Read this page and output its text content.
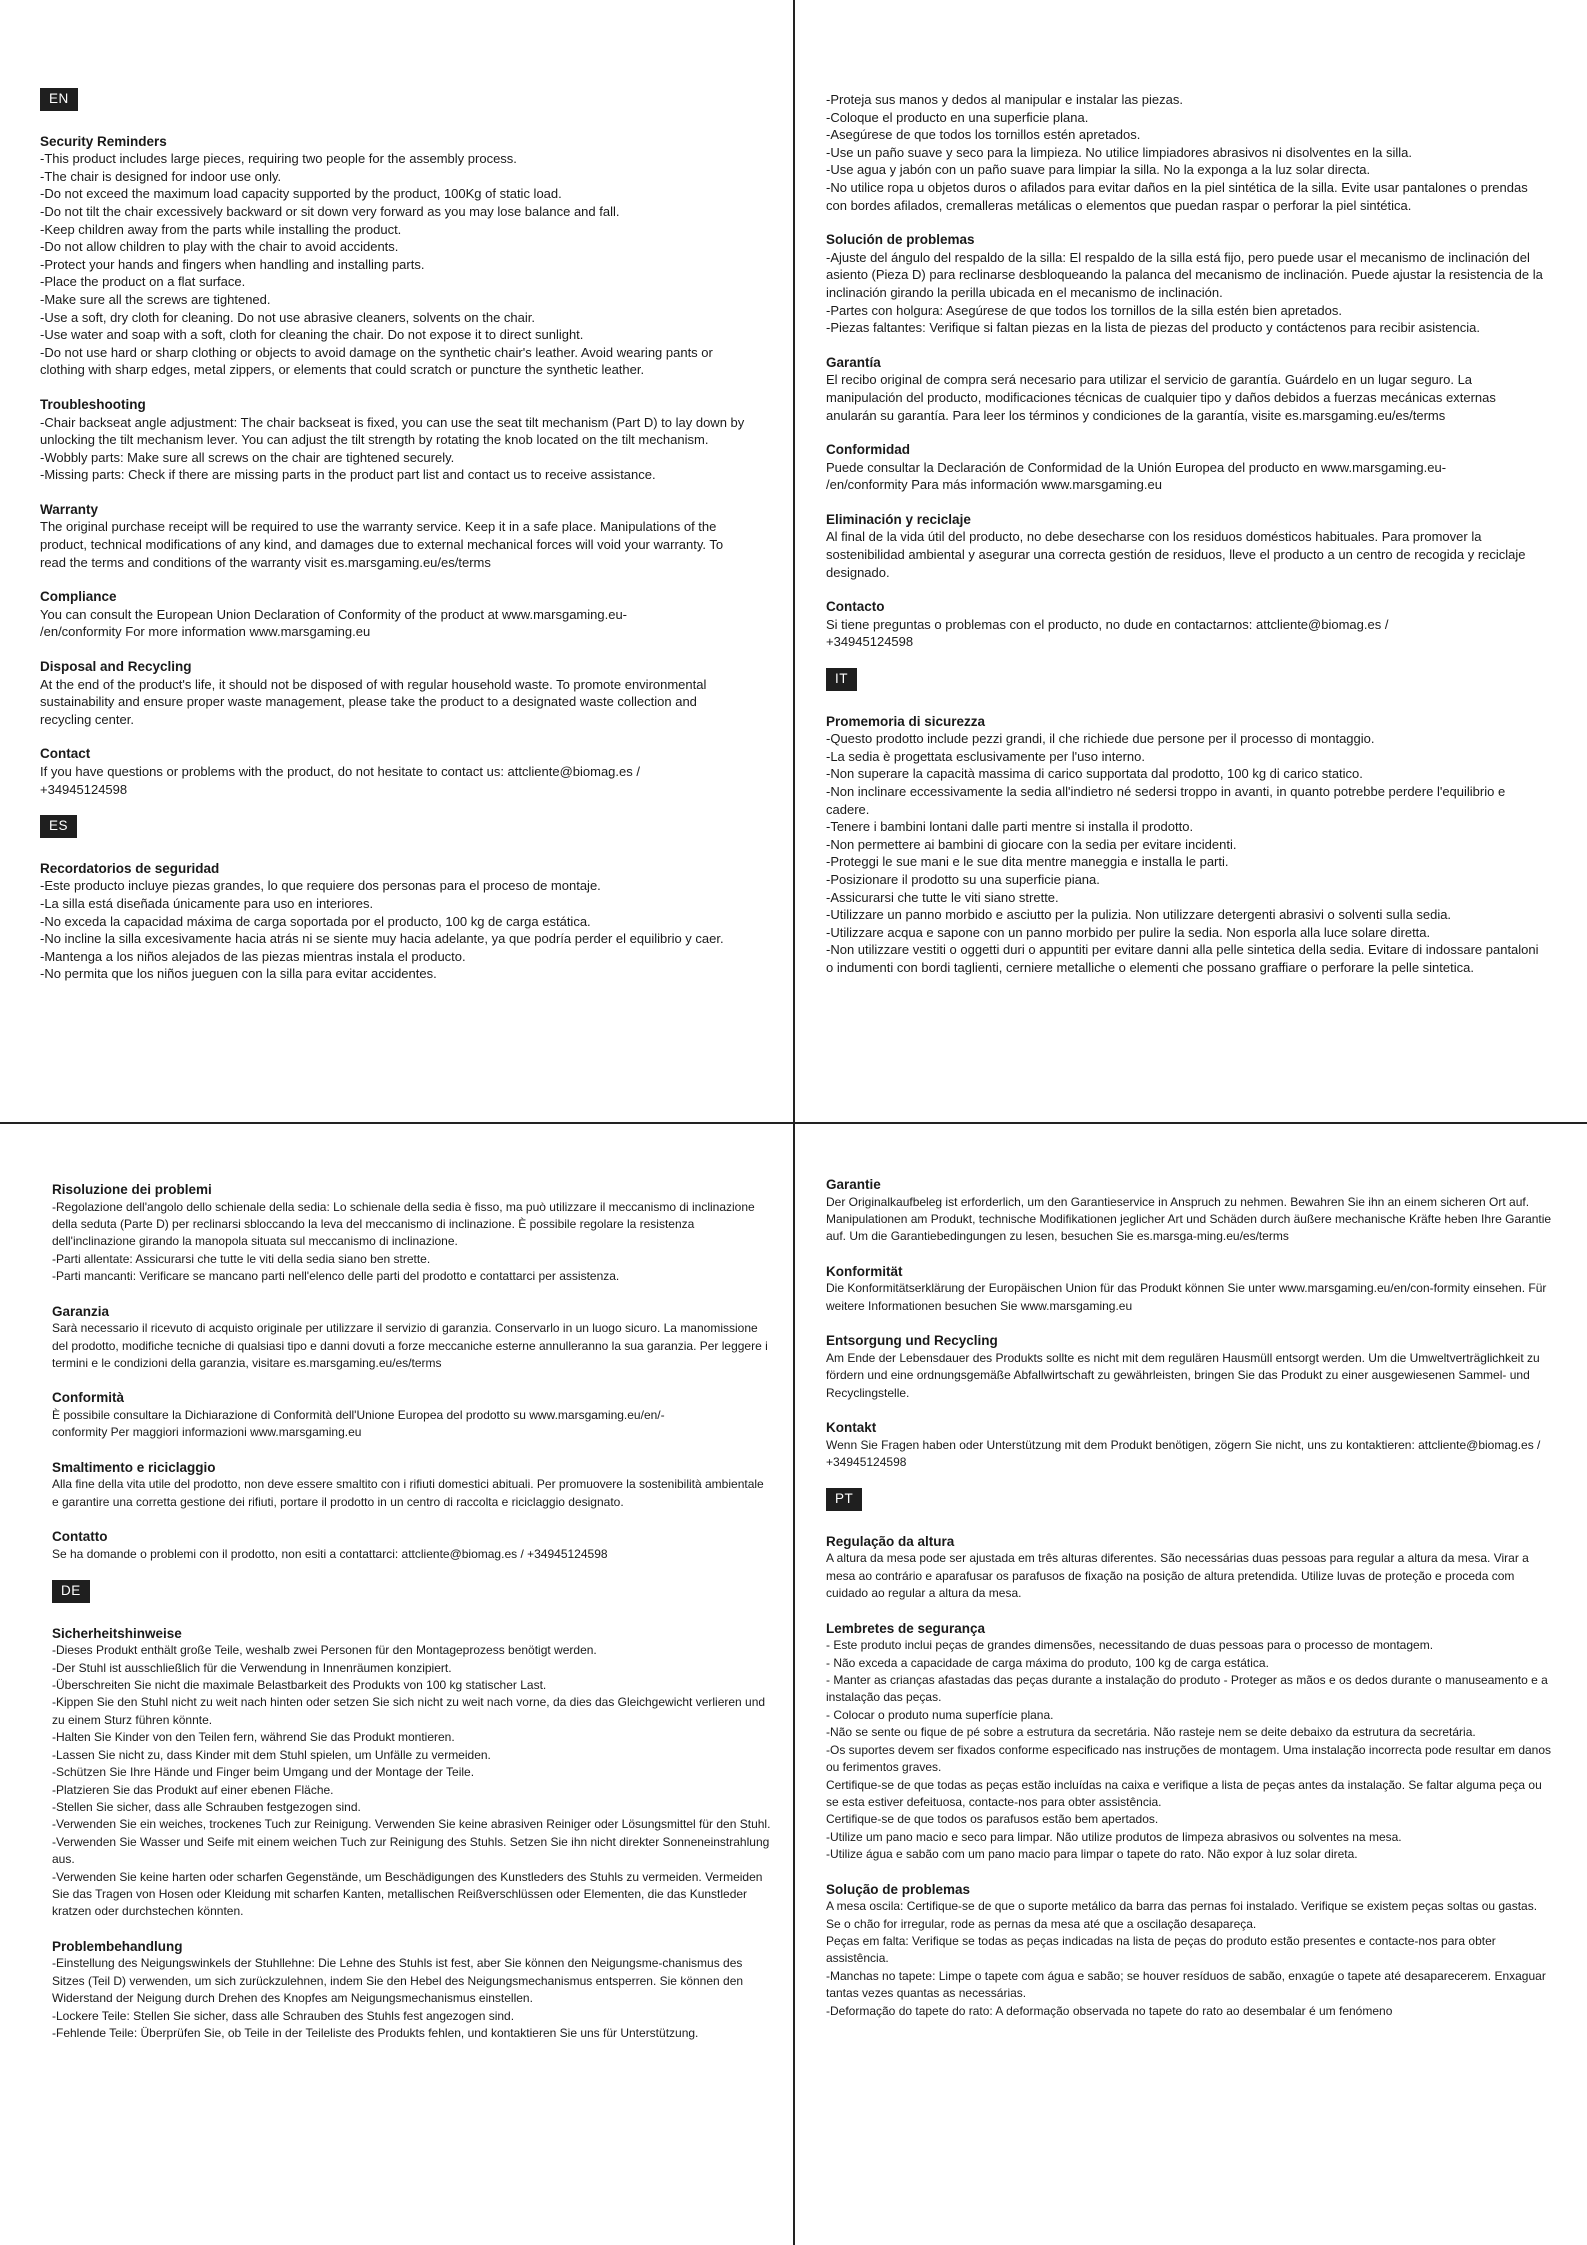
EN
Security Reminders

-This product includes large pieces, requiring two people for the assembly process.
-The chair is designed for indoor use only.
-Do not exceed the maximum load capacity supported by the product, 100Kg of static load.
-Do not tilt the chair excessively backward or sit down very forward as you may lose balance and fall.
-Keep children away from the parts while installing the product.
-Do not allow children to play with the chair to avoid accidents.
-Protect your hands and fingers when handling and installing parts.
-Place the product on a flat surface.
-Make sure all the screws are tightened.
-Use a soft, dry cloth for cleaning. Do not use abrasive cleaners, solvents on the chair.
-Use water and soap with a soft, cloth for cleaning the chair. Do not expose it to direct sunlight.
-Do not use hard or sharp clothing or objects to avoid damage on the synthetic chair's leather. Avoid wearing pants or clothing with sharp edges, metal zippers, or elements that could scratch or puncture the synthetic leather.

Troubleshooting

-Chair backseat angle adjustment: The chair backseat is fixed, you can use the seat tilt mechanism (Part D) to lay down by unlocking the tilt mechanism lever. You can adjust the tilt strength by rotating the knob located on the tilt mechanism.
-Wobbly parts: Make sure all screws on the chair are tightened securely.
-Missing parts: Check if there are missing parts in the product part list and contact us to receive assistance.

Warranty

The original purchase receipt will be required to use the warranty service. Keep it in a safe place. Manipulations of the product, technical modifications of any kind, and damages due to external mechanical forces will void your warranty. To read the terms and conditions of the warranty visit es.marsgaming.eu/es/terms

Compliance

You can consult the European Union Declaration of Conformity of the product at www.marsgaming.eu-
/en/conformity For more information www.marsgaming.eu

Disposal and Recycling

At the end of the product's life, it should not be disposed of with regular household waste. To promote environmental sustainability and ensure proper waste management, please take the product to a designated waste collection and recycling center.

Contact

If you have questions or problems with the product, do not hesitate to contact us: attcliente@biomag.es /
+34945124598

ES
Recordatorios de seguridad

-Este producto incluye piezas grandes, lo que requiere dos personas para el proceso de montaje.
-La silla está diseñada únicamente para uso en interiores.
-No exceda la capacidad máxima de carga soportada por el producto, 100 kg de carga estática.
-No incline la silla excesivamente hacia atrás ni se siente muy hacia adelante, ya que podría perder el equilibrio y caer.
-Mantenga a los niños alejados de las piezas mientras instala el producto.
-No permita que los niños jueguen con la silla para evitar accidentes.

-Proteja sus manos y dedos al manipular e instalar las piezas.
-Coloque el producto en una superficie plana.
-Asegúrese de que todos los tornillos estén apretados.
-Use un paño suave y seco para la limpieza. No utilice limpiadores abrasivos ni disolventes en la silla.
-Use agua y jabón con un paño suave para limpiar la silla. No la exponga a la luz solar directa.
-No utilice ropa u objetos duros o afilados para evitar daños en la piel sintética de la silla. Evite usar pantalones o prendas con bordes afilados, cremalleras metálicas o elementos que puedan raspar o perforar la piel sintética.

Solución de problemas

-Ajuste del ángulo del respaldo de la silla: El respaldo de la silla está fijo, pero puede usar el mecanismo de inclinación del asiento (Pieza D) para reclinarse desbloqueando la palanca del mecanismo de inclinación. Puede ajustar la resistencia de la inclinación girando la perilla ubicada en el mecanismo de inclinación.
-Partes con holgura: Asegúrese de que todos los tornillos de la silla estén bien apretados.
-Piezas faltantes: Verifique si faltan piezas en la lista de piezas del producto y contáctenos para recibir asistencia.

Garantía

El recibo original de compra será necesario para utilizar el servicio de garantía. Guárdelo en un lugar seguro. La manipulación del producto, modificaciones técnicas de cualquier tipo y daños debidos a fuerzas mecánicas externas anularán su garantía. Para leer los términos y condiciones de la garantía, visite es.marsgaming.eu/es/terms

Conformidad

Puede consultar la Declaración de Conformidad de la Unión Europea del producto en www.marsgaming.eu-
/en/conformity Para más información www.marsgaming.eu

Eliminación y reciclaje

Al final de la vida útil del producto, no debe desecharse con los residuos domésticos habituales. Para promover la sostenibilidad ambiental y asegurar una correcta gestión de residuos, lleve el producto a un centro de recogida y reciclaje designado.

Contacto

Si tiene preguntas o problemas con el producto, no dude en contactarnos: attcliente@biomag.es /
+34945124598

IT
Promemoria di sicurezza

-Questo prodotto include pezzi grandi, il che richiede due persone per il processo di montaggio.
-La sedia è progettata esclusivamente per l'uso interno.
-Non superare la capacità massima di carico supportata dal prodotto, 100 kg di carico statico.
-Non inclinare eccessivamente la sedia all'indietro né sedersi troppo in avanti, in quanto potrebbe perdere l'equilibrio e cadere.
-Tenere i bambini lontani dalle parti mentre si installa il prodotto.
-Non permettere ai bambini di giocare con la sedia per evitare incidenti.
-Proteggi le sue mani e le sue dita mentre maneggia e installa le parti.
-Posizionare il prodotto su una superficie piana.
-Assicurarsi che tutte le viti siano strette.
-Utilizzare un panno morbido e asciutto per la pulizia. Non utilizzare detergenti abrasivi o solventi sulla sedia.
-Utilizzare acqua e sapone con un panno morbido per pulire la sedia. Non esporla alla luce solare diretta.
-Non utilizzare vestiti o oggetti duri o appuntiti per evitare danni alla pelle sintetica della sedia. Evitare di indossare pantaloni o indumenti con bordi taglienti, cerniere metalliche o elementi che possano graffiare o perforare la pelle sintetica.

Risoluzione dei problemi

-Regolazione dell'angolo dello schienale della sedia: Lo schienale della sedia è fisso, ma può utilizzare il meccanismo di inclinazione della seduta (Parte D) per reclinarsi sbloccando la leva del meccanismo di inclinazione. È possibile regolare la resistenza dell'inclinazione girando la manopola situata sul meccanismo di inclinazione.
-Parti allentate: Assicurarsi che tutte le viti della sedia siano ben strette.
-Parti mancanti: Verificare se mancano parti nell'elenco delle parti del prodotto e contattarci per assistenza.

Garanzia

Sarà necessario il ricevuto di acquisto originale per utilizzare il servizio di garanzia. Conservarlo in un luogo sicuro. La manomissione del prodotto, modifiche tecniche di qualsiasi tipo e danni dovuti a forze meccaniche esterne annulleranno la sua garanzia. Per leggere i termini e le condizioni della garanzia, visitare es.marsgaming.eu/es/terms

Conformità

È possibile consultare la Dichiarazione di Conformità dell'Unione Europea del prodotto su www.marsgaming.eu/en/-
conformity Per maggiori informazioni www.marsgaming.eu

Smaltimento e riciclaggio

Alla fine della vita utile del prodotto, non deve essere smaltito con i rifiuti domestici abituali. Per promuovere la sostenibilità ambientale e garantire una corretta gestione dei rifiuti, portare il prodotto in un centro di raccolta e riciclaggio designato.

Contatto

Se ha domande o problemi con il prodotto, non esiti a contattarci: attcliente@biomag.es / +34945124598

DE
Sicherheitshinweise

-Dieses Produkt enthält große Teile, weshalb zwei Personen für den Montageprozess benötigt werden.
-Der Stuhl ist ausschließlich für die Verwendung in Innenräumen konzipiert.
-Überschreiten Sie nicht die maximale Belastbarkeit des Produkts von 100 kg statischer Last.
-Kippen Sie den Stuhl nicht zu weit nach hinten oder setzen Sie sich nicht zu weit nach vorne, da dies das Gleichgewicht verlieren und zu einem Sturz führen könnte.
-Halten Sie Kinder von den Teilen fern, während Sie das Produkt montieren.
-Lassen Sie nicht zu, dass Kinder mit dem Stuhl spielen, um Unfälle zu vermeiden.
-Schützen Sie Ihre Hände und Finger beim Umgang und der Montage der Teile.
-Platzieren Sie das Produkt auf einer ebenen Fläche.
-Stellen Sie sicher, dass alle Schrauben festgezogen sind.
-Verwenden Sie ein weiches, trockenes Tuch zur Reinigung. Verwenden Sie keine abrasiven Reiniger oder Lösungsmittel für den Stuhl.
-Verwenden Sie Wasser und Seife mit einem weichen Tuch zur Reinigung des Stuhls. Setzen Sie ihn nicht direkter Sonneneinstrahlung aus.
-Verwenden Sie keine harten oder scharfen Gegenstände, um Beschädigungen des Kunstleders des Stuhls zu vermeiden. Vermeiden Sie das Tragen von Hosen oder Kleidung mit scharfen Kanten, metallischen Reißverschlüssen oder Elementen, die das Kunstleder kratzen oder durchstechen könnten.

Problembehandlung

-Einstellung des Neigungswinkels der Stuhllehne: Die Lehne des Stuhls ist fest, aber Sie können den Neigungsme-chanismus des Sitzes (Teil D) verwenden, um sich zurückzulehnen, indem Sie den Hebel des Neigungsmechanismus entsperren. Sie können den Widerstand der Neigung durch Drehen des Knopfes am Neigungsmechanismus einstellen.
-Lockere Teile: Stellen Sie sicher, dass alle Schrauben des Stuhls fest angezogen sind.
-Fehlende Teile: Überprüfen Sie, ob Teile in der Teileliste des Produkts fehlen, und kontaktieren Sie uns für Unterstützung.

Garantie

Der Originalkaufbeleg ist erforderlich, um den Garantieservice in Anspruch zu nehmen. Bewahren Sie ihn an einem sicheren Ort auf. Manipulationen am Produkt, technische Modifikationen jeglicher Art und Schäden durch äußere mechanische Kräfte heben Ihre Garantie auf. Um die Garantiebedingungen zu lesen, besuchen Sie es.marsga-ming.eu/es/terms

Konformität

Die Konformitätserklärung der Europäischen Union für das Produkt können Sie unter www.marsgaming.eu/en/con-formity einsehen. Für weitere Informationen besuchen Sie www.marsgaming.eu

Entsorgung und Recycling

Am Ende der Lebensdauer des Produkts sollte es nicht mit dem regulären Hausmüll entsorgt werden. Um die Umweltverträglichkeit zu fördern und eine ordnungsgemäße Abfallwirtschaft zu gewährleisten, bringen Sie das Produkt zu einer ausgewiesenen Sammel- und Recyclingstelle.

Kontakt

Wenn Sie Fragen haben oder Unterstützung mit dem Produkt benötigen, zögern Sie nicht, uns zu kontaktieren: attcliente@biomag.es / +34945124598

PT
Regulação da altura

A altura da mesa pode ser ajustada em três alturas diferentes. São necessárias duas pessoas para regular a altura da mesa. Virar a mesa ao contrário e aparafusar os parafusos de fixação na posição de altura pretendida. Utilize luvas de proteção e proceda com cuidado ao regular a altura da mesa.

Lembretes de segurança

- Este produto inclui peças de grandes dimensões, necessitando de duas pessoas para o processo de montagem.
- Não exceda a capacidade de carga máxima do produto, 100 kg de carga estática.
- Manter as crianças afastadas das peças durante a instalação do produto - Proteger as mãos e os dedos durante o manuseamento e a instalação das peças.
- Colocar o produto numa superfície plana.
-Não se sente ou fique de pé sobre a estrutura da secretária. Não rasteje nem se deite debaixo da estrutura da secretária.
-Os suportes devem ser fixados conforme especificado nas instruções de montagem. Uma instalação incorrecta pode resultar em danos ou ferimentos graves.
Certifique-se de que todas as peças estão incluídas na caixa e verifique a lista de peças antes da instalação. Se faltar alguma peça ou se esta estiver defeituosa, contacte-nos para obter assistência.
Certifique-se de que todos os parafusos estão bem apertados.
-Utilize um pano macio e seco para limpar. Não utilize produtos de limpeza abrasivos ou solventes na mesa.
-Utilize água e sabão com um pano macio para limpar o tapete do rato. Não expor à luz solar direta.

Solução de problemas

A mesa oscila: Certifique-se de que o suporte metálico da barra das pernas foi instalado. Verifique se existem peças soltas ou gastas. Se o chão for irregular, rode as pernas da mesa até que a oscilação desapareça.
Peças em falta: Verifique se todas as peças indicadas na lista de peças do produto estão presentes e contacte-nos para obter assistência.
-Manchas no tapete: Limpe o tapete com água e sabão; se houver resíduos de sabão, enxagúe o tapete até desaparecerem. Enxaguar tantas vezes quantas as necessárias.
-Deformação do tapete do rato: A deformação observada no tapete do rato ao desembalar é um fenómeno
